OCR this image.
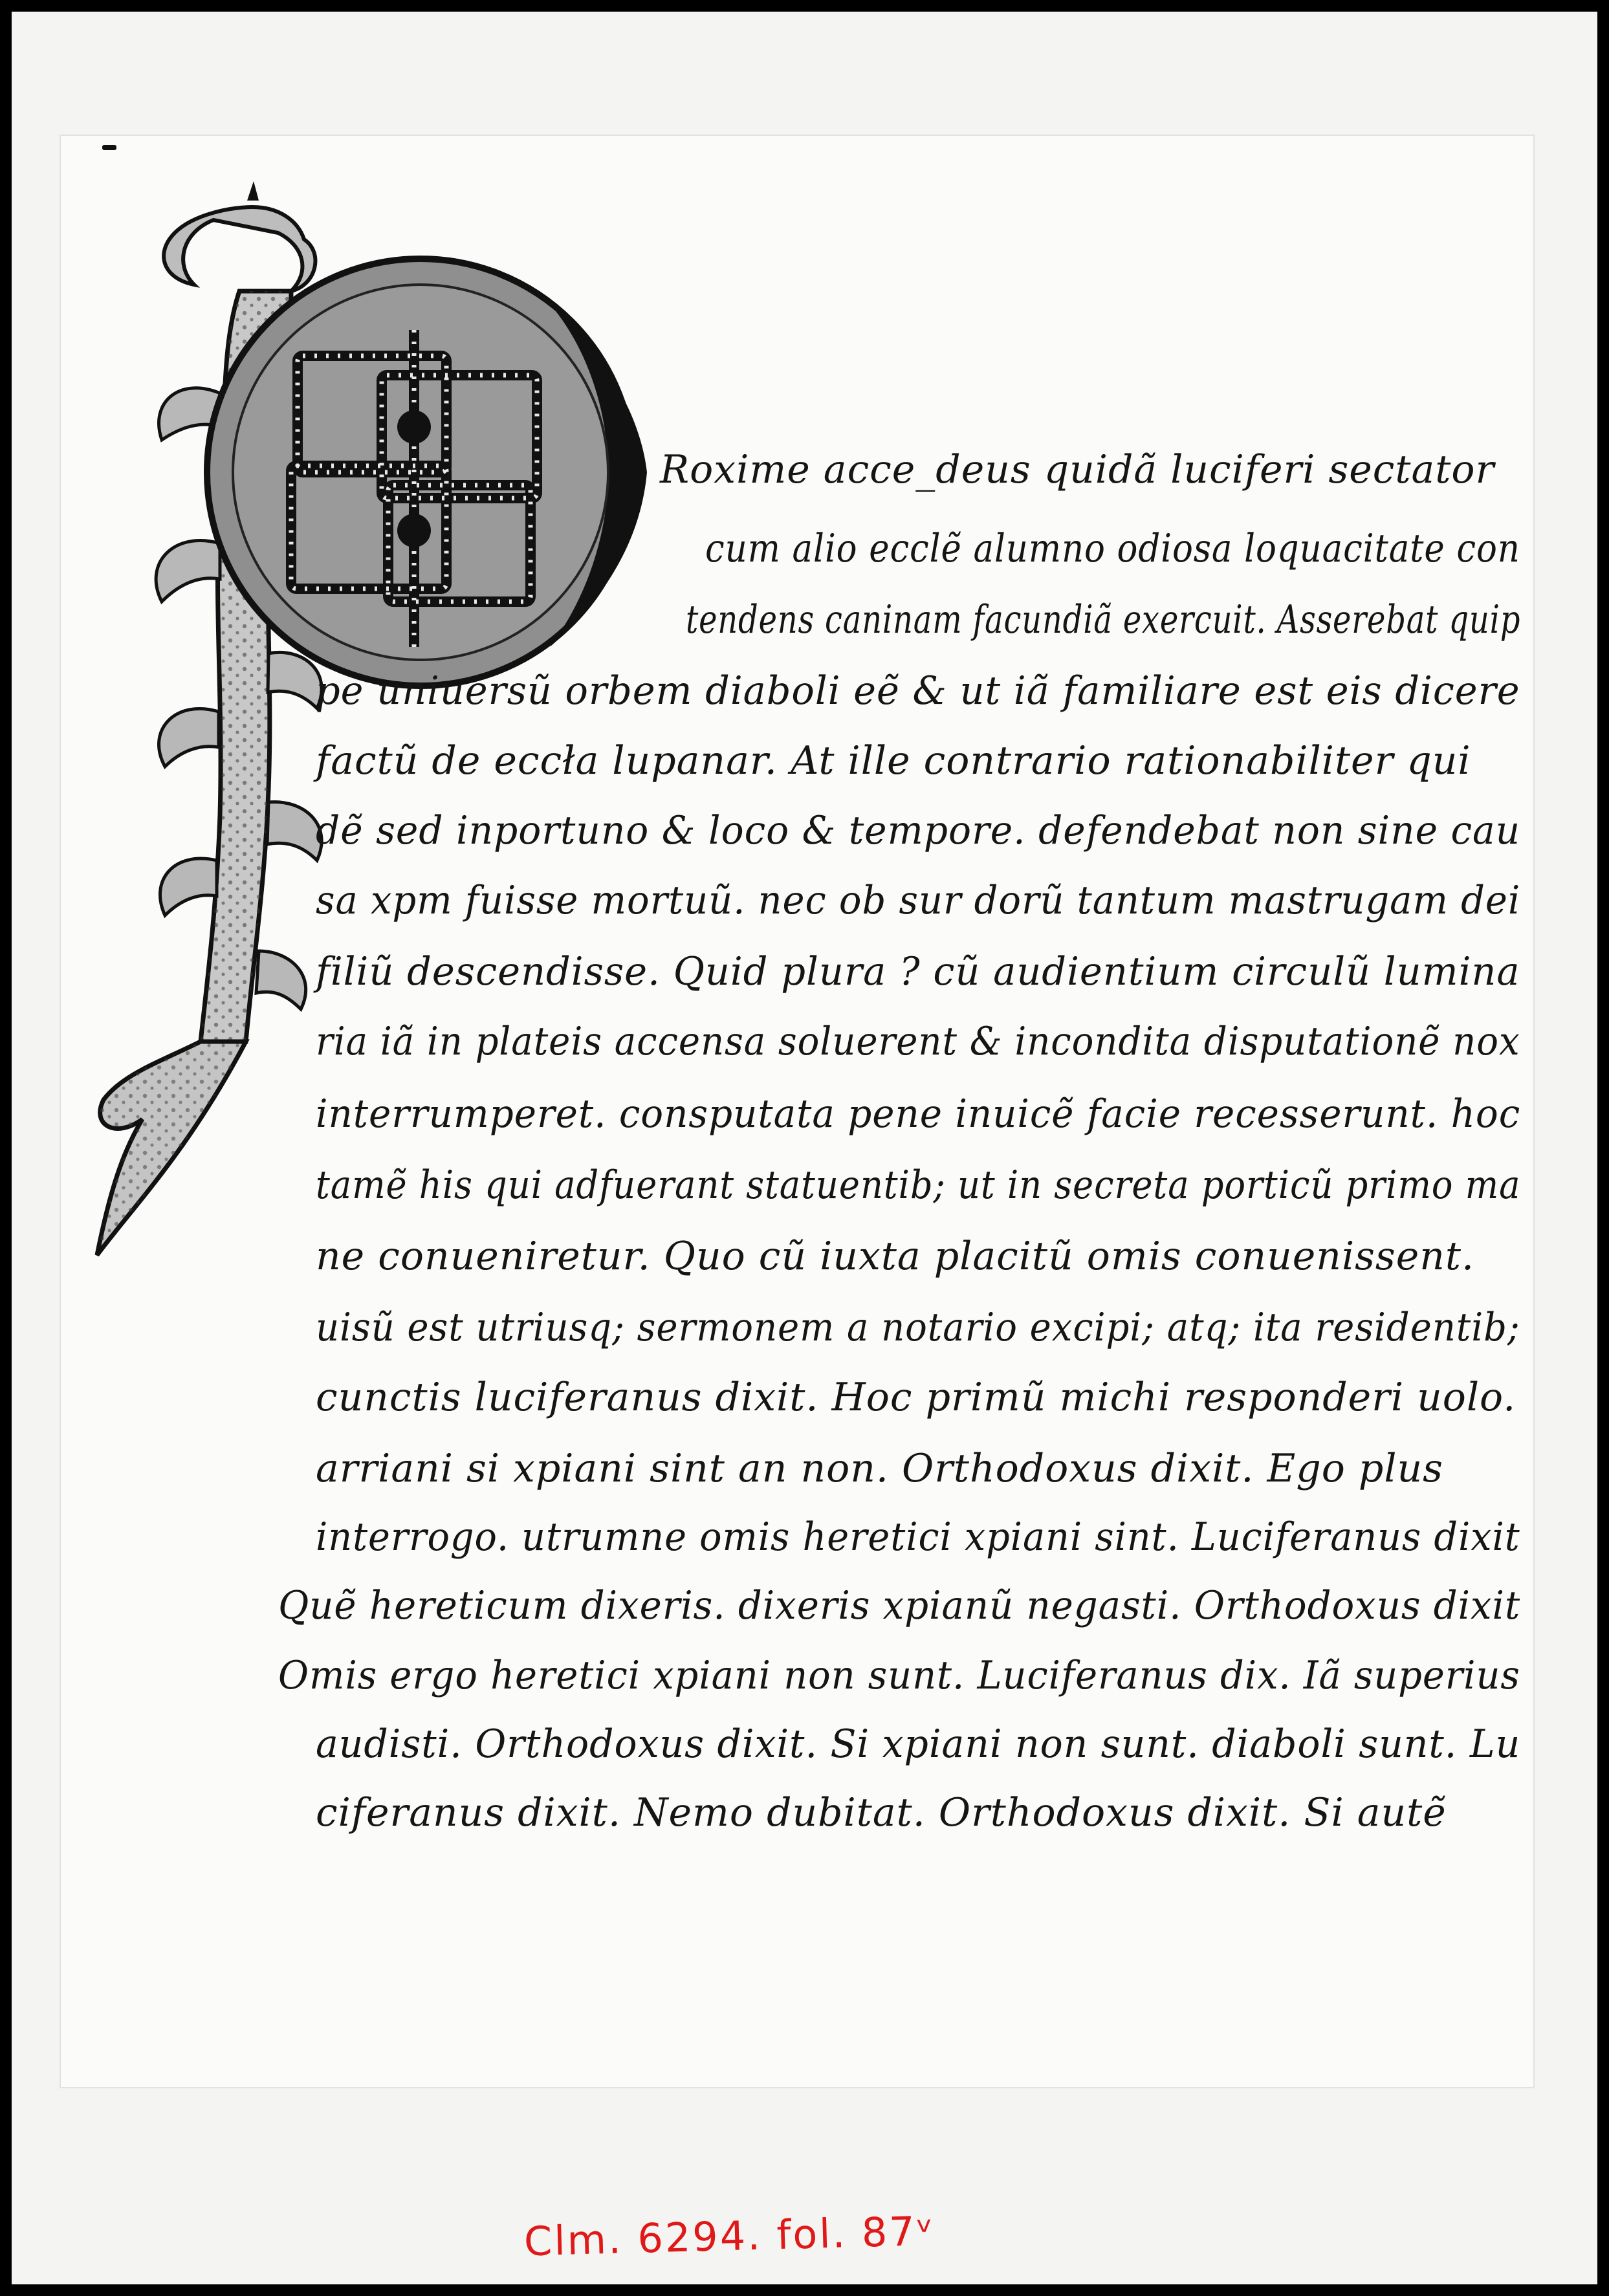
Roxime acce_deus quidã luciferi sectator
cum alio ecclẽ alumno odiosa loquacitate con
tendens caninam facundiã exercuit. Asserebat quip
pe uniuersũ orbem diaboli eẽ & ut iã familiare est eis dicere
factũ de eccła lupanar. At ille contrario rationabiliter qui
dẽ sed inportuno & loco & tempore. defendebat non sine cau
sa xpm fuisse mortuũ. nec ob sur dorũ tantum mastrugam dei
filiũ descendisse. Quid plura ? cũ audientium circulũ lumina
ria iã in plateis accensa soluerent & incondita disputationẽ nox
interrumperet. consputata pene inuicẽ facie recesserunt. hoc
tamẽ his qui adfuerant statuentib; ut in secreta porticũ primo ma
ne conueniretur. Quo cũ iuxta placitũ omis conuenissent.
uisũ est utriusq; sermonem a notario excipi; atq; ita residentib;
cunctis luciferanus dixit. Hoc primũ michi responderi uolo.
arriani si xpiani sint an non. Orthodoxus dixit. Ego plus
interrogo. utrumne omis heretici xpiani sint. Luciferanus dixit
Quẽ hereticum dixeris. dixeris xpianũ negasti. Orthodoxus dixit
Omis ergo heretici xpiani non sunt. Luciferanus dix. Iã superius
audisti. Orthodoxus dixit. Si xpiani non sunt. diaboli sunt. Lu
ciferanus dixit. Nemo dubitat. Orthodoxus dixit. Si autẽ
Clm. 6294. fol. 87ᵛ
